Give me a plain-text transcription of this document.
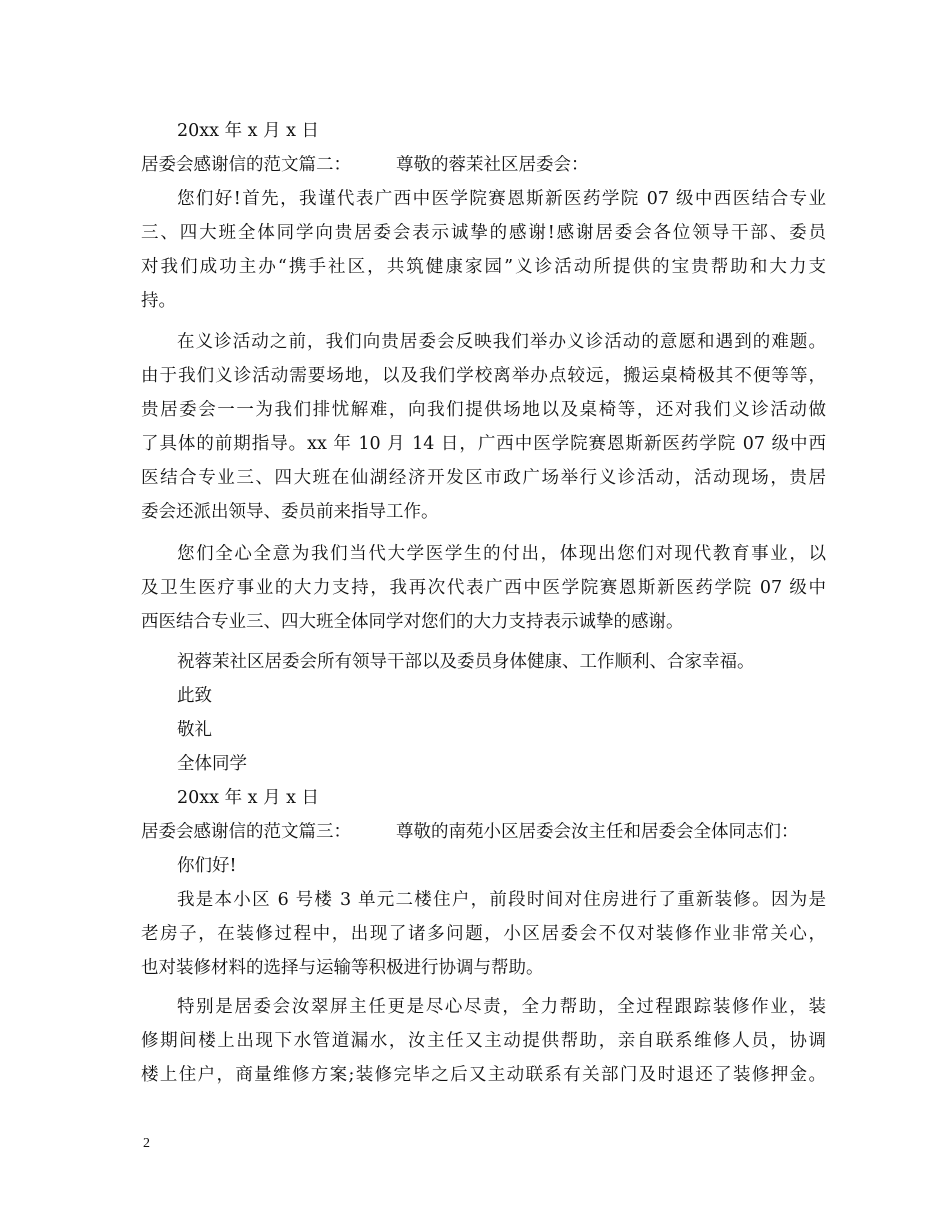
20xx 年 x 月 x 日
居委会感谢信的范文篇二：	尊敬的蓉茉社区居委会：
您们好!首先，我谨代表广西中医学院赛恩斯新医药学院 07 级中西医结合专业
三、四大班全体同学向贵居委会表示诚挚的感谢!感谢居委会各位领导干部、委员
对我们成功主办“携手社区，共筑健康家园”义诊活动所提供的宝贵帮助和大力支
持。
在义诊活动之前，我们向贵居委会反映我们举办义诊活动的意愿和遇到的难题。
由于我们义诊活动需要场地，以及我们学校离举办点较远，搬运桌椅极其不便等等，
贵居委会一一为我们排忧解难，向我们提供场地以及桌椅等，还对我们义诊活动做
了具体的前期指导。xx 年 10 月 14 日，广西中医学院赛恩斯新医药学院 07 级中西
医结合专业三、四大班在仙湖经济开发区市政广场举行义诊活动，活动现场，贵居
委会还派出领导、委员前来指导工作。
您们全心全意为我们当代大学医学生的付出，体现出您们对现代教育事业，以
及卫生医疗事业的大力支持，我再次代表广西中医学院赛恩斯新医药学院 07 级中
西医结合专业三、四大班全体同学对您们的大力支持表示诚挚的感谢。
祝蓉茉社区居委会所有领导干部以及委员身体健康、工作顺利、合家幸福。
此致
敬礼
全体同学
20xx 年 x 月 x 日
居委会感谢信的范文篇三：	尊敬的南苑小区居委会汝主任和居委会全体同志们：
你们好!
我是本小区 6 号楼 3 单元二楼住户，前段时间对住房进行了重新装修。因为是
老房子，在装修过程中，出现了诸多问题，小区居委会不仅对装修作业非常关心，
也对装修材料的选择与运输等积极进行协调与帮助。
特别是居委会汝翠屏主任更是尽心尽责，全力帮助，全过程跟踪装修作业，装
修期间楼上出现下水管道漏水，汝主任又主动提供帮助，亲自联系维修人员，协调
楼上住户，商量维修方案;装修完毕之后又主动联系有关部门及时退还了装修押金。
2
